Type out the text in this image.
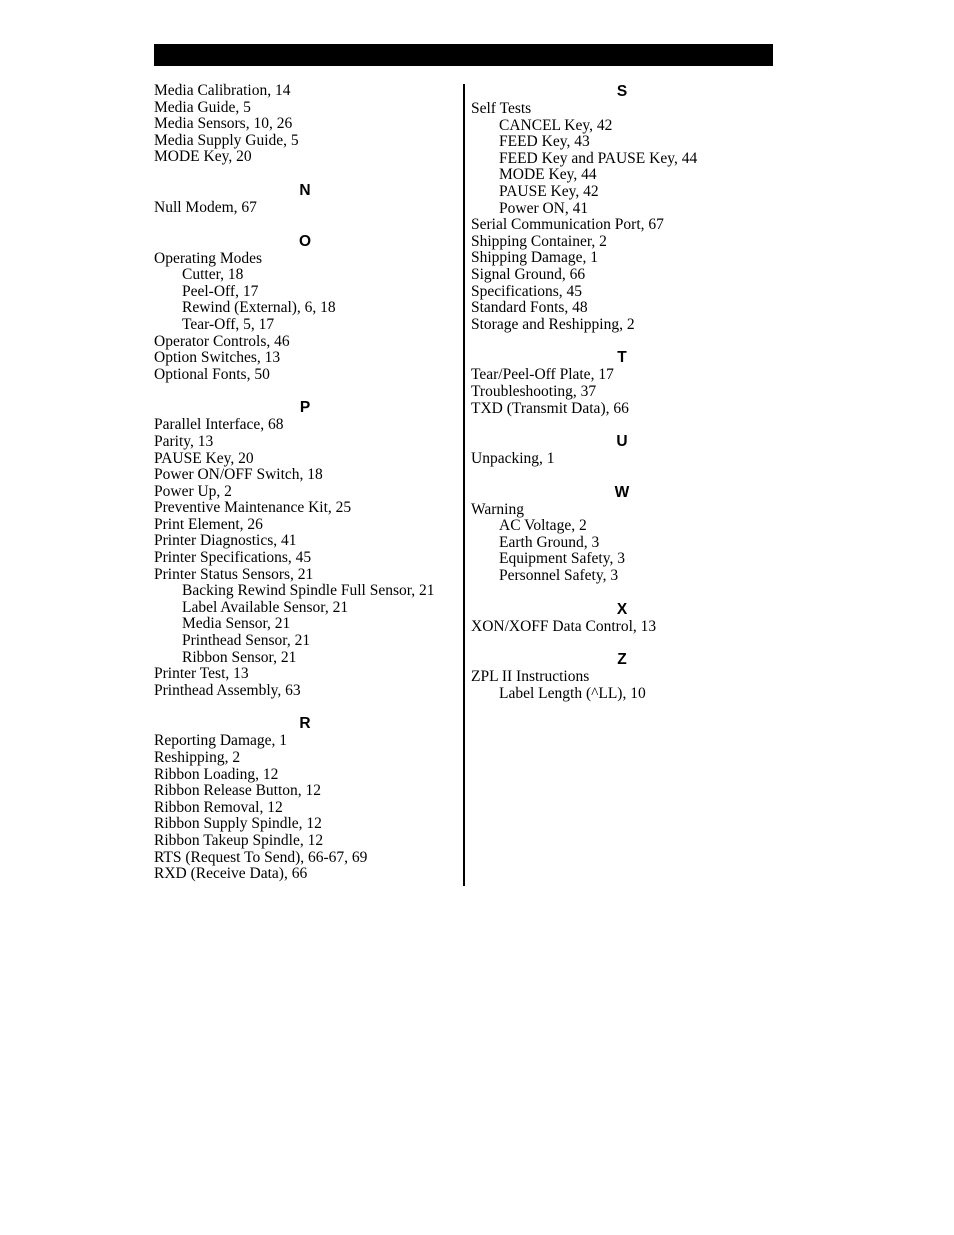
Media Calibration, 14
Media Guide, 5
Media Sensors, 10, 26
Media Supply Guide, 5
MODE Key, 20
N
Null Modem, 67
O
Operating Modes
Cutter, 18
Peel-Off, 17
Rewind (External), 6, 18
Tear-Off, 5, 17
Operator Controls, 46
Option Switches, 13
Optional Fonts, 50
P
Parallel Interface, 68
Parity, 13
PAUSE Key, 20
Power ON/OFF Switch, 18
Power Up, 2
Preventive Maintenance Kit, 25
Print Element, 26
Printer Diagnostics, 41
Printer Specifications, 45
Printer Status Sensors, 21
Backing Rewind Spindle Full Sensor, 21
Label Available Sensor, 21
Media Sensor, 21
Printhead Sensor, 21
Ribbon Sensor, 21
Printer Test, 13
Printhead Assembly, 63
R
Reporting Damage, 1
Reshipping, 2
Ribbon Loading, 12
Ribbon Release Button, 12
Ribbon Removal, 12
Ribbon Supply Spindle, 12
Ribbon Takeup Spindle, 12
RTS (Request To Send), 66-67, 69
RXD (Receive Data), 66
S
Self Tests
CANCEL Key, 42
FEED Key, 43
FEED Key and PAUSE Key, 44
MODE Key, 44
PAUSE Key, 42
Power ON, 41
Serial Communication Port, 67
Shipping Container, 2
Shipping Damage, 1
Signal Ground, 66
Specifications, 45
Standard Fonts, 48
Storage and Reshipping, 2
T
Tear/Peel-Off Plate, 17
Troubleshooting, 37
TXD (Transmit Data), 66
U
Unpacking, 1
W
Warning
AC Voltage, 2
Earth Ground, 3
Equipment Safety, 3
Personnel Safety, 3
X
XON/XOFF Data Control, 13
Z
ZPL II Instructions
Label Length (^LL), 10
